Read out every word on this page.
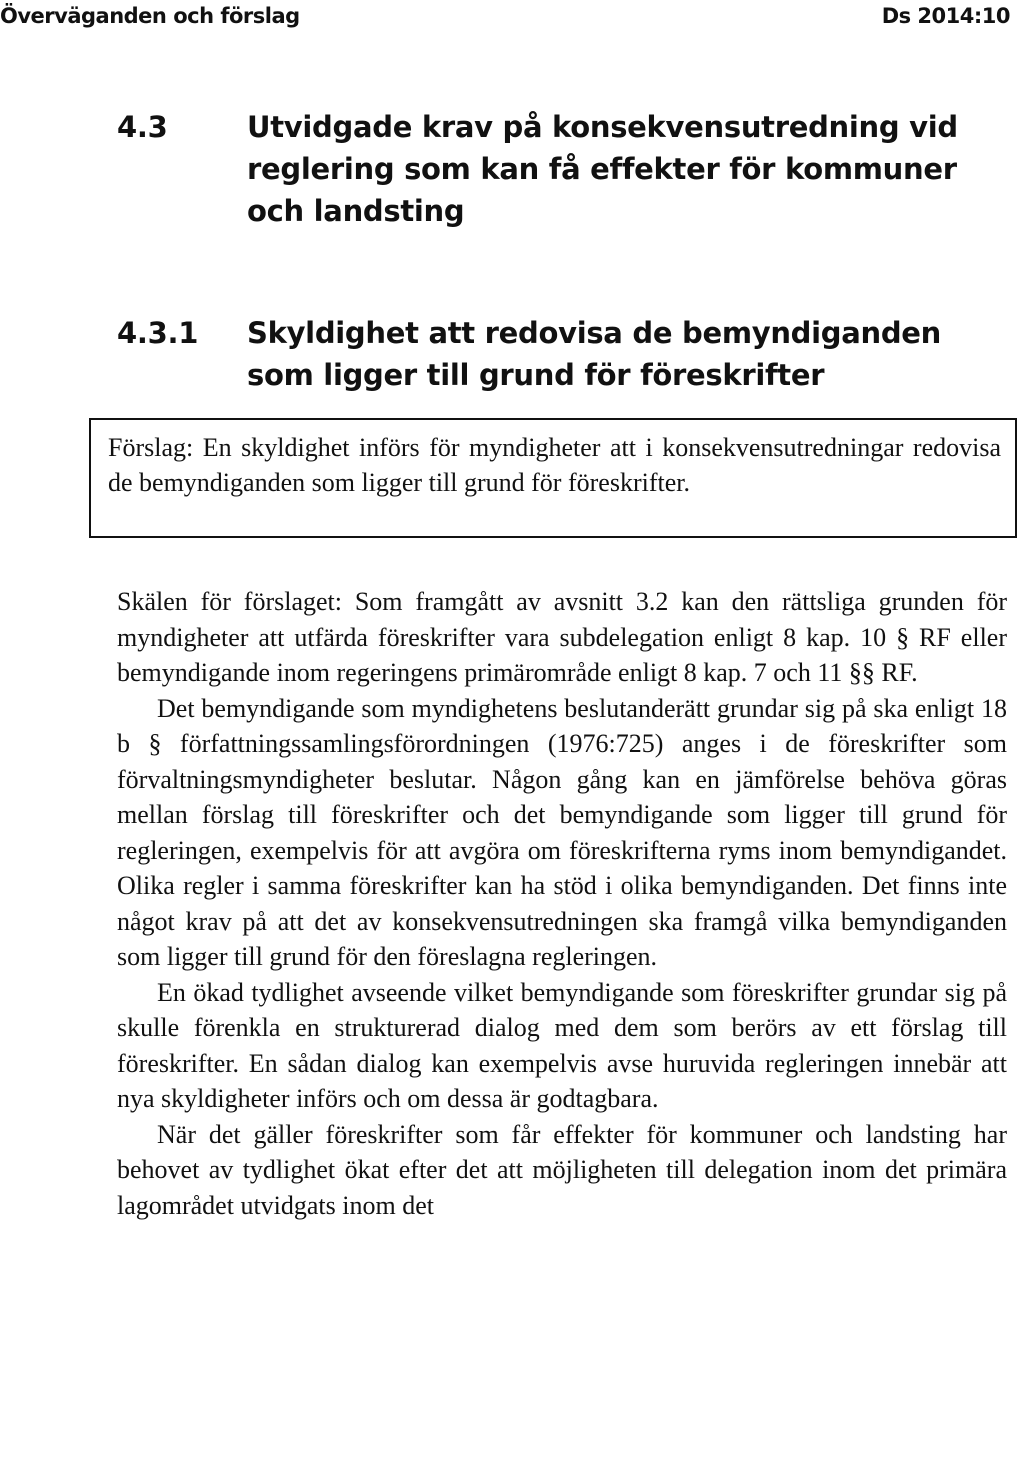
Överväganden och förslag	Ds 2014:10
4.3	Utvidgade krav på konsekvensutredning vid reglering som kan få effekter för kommuner och landsting
4.3.1 Skyldighet att redovisa de bemyndiganden som ligger till grund för föreskrifter
Förslag: En skyldighet införs för myndigheter att i konsekvensutredningar redovisa de bemyndiganden som ligger till grund för föreskrifter.

Skälen för förslaget: Som framgått av avsnitt 3.2 kan den rättsliga grunden för myndigheter att utfärda föreskrifter vara subdelegation enligt 8 kap. 10 § RF eller bemyndigande inom regeringens primärområde enligt 8 kap. 7 och 11 §§ RF.

Det bemyndigande som myndighetens beslutanderätt grundar sig på ska enligt 18 b § författningssamlingsförordningen (1976:725) anges i de föreskrifter som förvaltningsmyndigheter beslutar. Någon gång kan en jämförelse behöva göras mellan förslag till föreskrifter och det bemyndigande som ligger till grund för regleringen, exempelvis för att avgöra om föreskrifterna ryms inom bemyndigandet. Olika regler i samma föreskrifter kan ha stöd i olika bemyndiganden. Det finns inte något krav på att det av konsekvensutredningen ska framgå vilka bemyndiganden som ligger till grund för den föreslagna regleringen.

En ökad tydlighet avseende vilket bemyndigande som föreskrifter grundar sig på skulle förenkla en strukturerad dialog med dem som berörs av ett förslag till föreskrifter. En sådan dialog kan exempelvis avse huruvida regleringen innebär att nya skyldigheter införs och om dessa är godtagbara.

När det gäller föreskrifter som får effekter för kommuner och landsting har behovet av tydlighet ökat efter det att möjligheten till delegation inom det primära lagområdet utvidgats inom det
